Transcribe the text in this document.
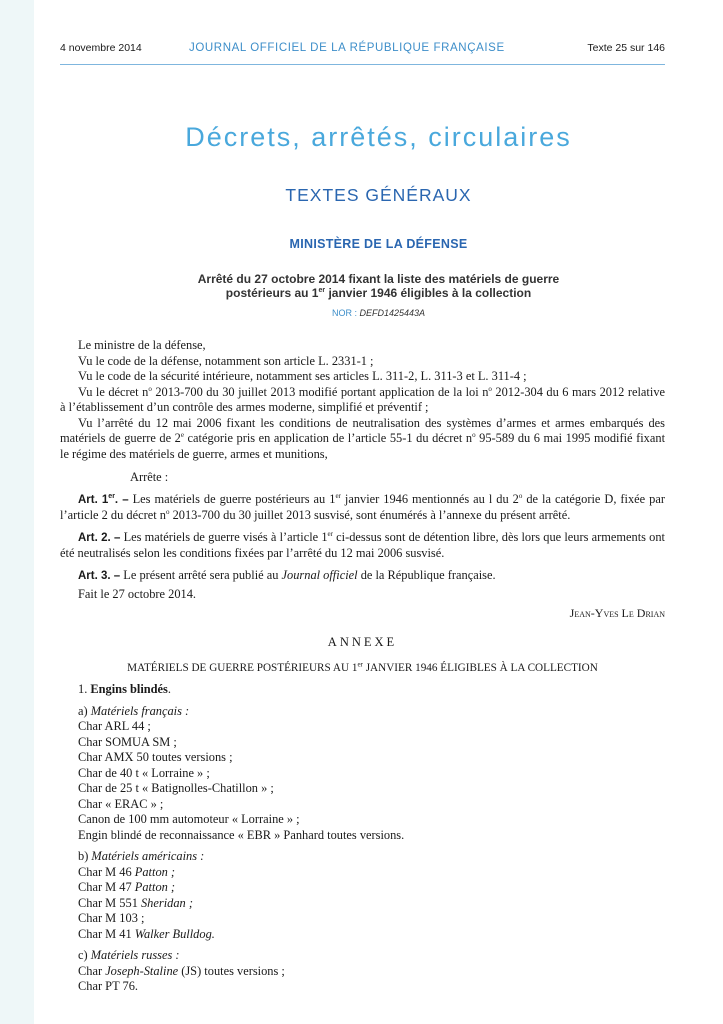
4 novembre 2014	JOURNAL OFFICIEL DE LA RÉPUBLIQUE FRANÇAISE	Texte 25 sur 146
Décrets, arrêtés, circulaires
TEXTES GÉNÉRAUX
MINISTÈRE DE LA DÉFENSE
Arrêté du 27 octobre 2014 fixant la liste des matériels de guerre
postérieurs au 1er janvier 1946 éligibles à la collection
NOR : DEFD1425443A

Le ministre de la défense,

Vu le code de la défense, notamment son article L. 2331-1 ;

Vu le code de la sécurité intérieure, notamment ses articles L. 311-2, L. 311-3 et L. 311-4 ;

Vu le décret $n^o$ 2013-700 du 30 juillet 2013 modifié portant application de la loi $n^o$ 2012-304 du 6 mars 2012 relative à l’établissement d’un contrôle des armes moderne, simplifié et préventif ;

Vu l’arrêté du 12 mai 2006 fixant les conditions de neutralisation des systèmes d’armes et armes embarqués des matériels de guerre de 2e catégorie pris en application de l’article 55-1 du décret $n^o$ 95-589 du 6 mai 1995 modifié fixant le régime des matériels de guerre, armes et munitions,

Arrête :

Art. 1er. – Les matériels de guerre postérieurs au 1er janvier 1946 mentionnés au l du 2$^o$ de la catégorie D, fixée par l’article 2 du décret $n^o$ 2013-700 du 30 juillet 2013 susvisé, sont énumérés à l’annexe du présent arrêté.

Art. 2. – Les matériels de guerre visés à l’article 1er ci-dessus sont de détention libre, dès lors que leurs armements ont été neutralisés selon les conditions fixées par l’arrêté du 12 mai 2006 susvisé.

Art. 3. – Le présent arrêté sera publié au Journal officiel de la République française.

Fait le 27 octobre 2014.

Jean-Yves Le Drian

ANNEXE

MATÉRIELS DE GUERRE POSTÉRIEURS AU 1er JANVIER 1946 ÉLIGIBLES À LA COLLECTION

1. Engins blindés.

a) Matériels français :

Char ARL 44 ;

Char SOMUA SM ;

Char AMX 50 toutes versions ;

Char de 40 t « Lorraine » ;

Char de 25 t « Batignolles-Chatillon » ;

Char « ERAC » ;

Canon de 100 mm automoteur « Lorraine » ;

Engin blindé de reconnaissance « EBR » Panhard toutes versions.

b) Matériels américains :

Char M 46 Patton ;

Char M 47 Patton ;

Char M 551 Sheridan ;

Char M 103 ;

Char M 41 Walker Bulldog.

c) Matériels russes :

Char Joseph-Staline (JS) toutes versions ;

Char PT 76.
